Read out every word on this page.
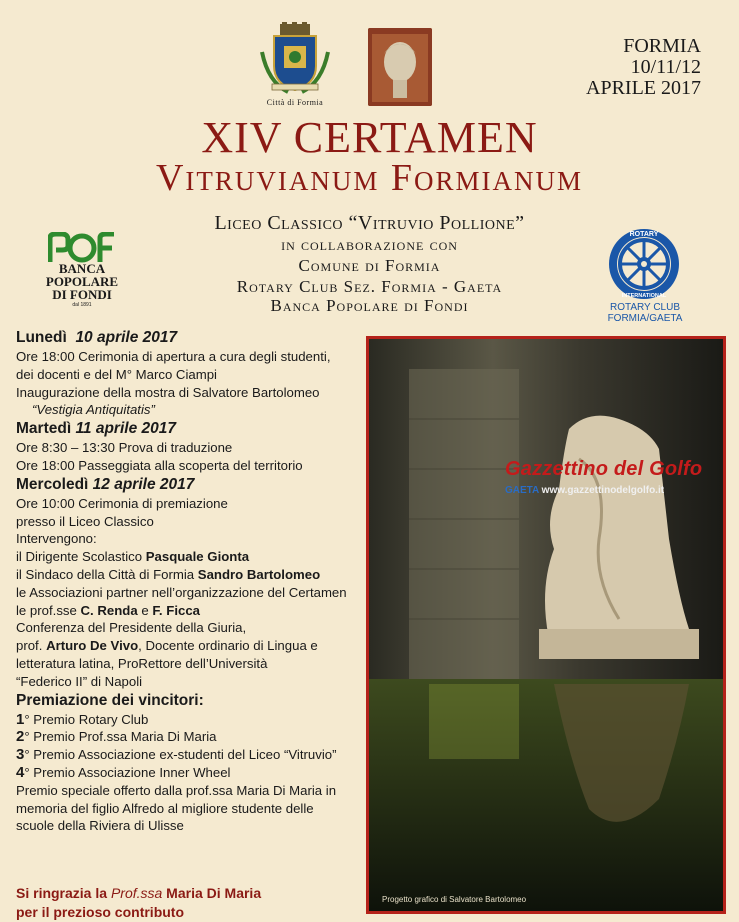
Città di Formia
FORMIA
10/11/12
APRILE 2017
XIV CERTAMEN
Vitruvianum Formianum
Liceo Classico “Vitruvio Pollione”
in collaborazione con
Comune di Formia
Rotary Club Sez. Formia - Gaeta
Banca Popolare di Fondi
BANCA
POPOLARE
DI FONDI
dal 1891
ROTARY
INTERNATIONAL
ROTARY CLUB FORMIA/GAETA
Lunedì 10 aprile 2017
Ore 18:00 Cerimonia di apertura a cura degli studenti,
dei docenti e del M° Marco Ciampi
Inaugurazione della mostra di Salvatore Bartolomeo
“Vestigia Antiquitatis”
Martedì 11 aprile 2017
Ore 8:30 – 13:30 Prova di traduzione
Ore 18:00 Passeggiata alla scoperta del territorio
Mercoledì 12 aprile 2017
Ore 10:00 Cerimonia di premiazione
presso il Liceo Classico
Intervengono:
il Dirigente Scolastico Pasquale Gionta
il Sindaco della Città di Formia Sandro Bartolomeo
le Associazioni partner nell’organizzazione del Certamen
le prof.sse C. Renda e F. Ficca
Conferenza del Presidente della Giuria,
prof. Arturo De Vivo, Docente ordinario di Lingua e
letteratura latina, ProRettore dell’Università
“Federico II” di Napoli
Premiazione dei vincitori:
1° Premio Rotary Club
2° Premio Prof.ssa Maria Di Maria
3° Premio Associazione ex-studenti del Liceo “Vitruvio”
4° Premio Associazione Inner Wheel
Premio speciale offerto dalla prof.ssa Maria Di Maria in
memoria del figlio Alfredo al migliore studente delle
scuole della Riviera di Ulisse
Si ringrazia la Prof.ssa Maria Di Maria
per il prezioso contributo
Gazzettino del Golfo
GAETA www.gazzettinodelgolfo.it
Progetto grafico di Salvatore Bartolomeo
